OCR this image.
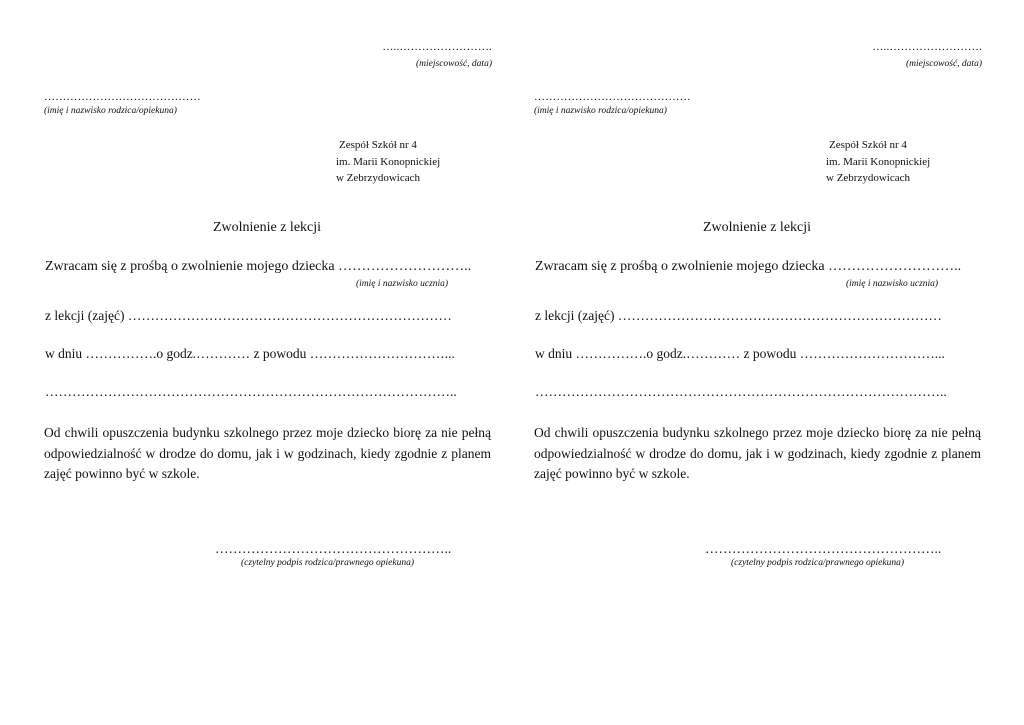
…..…………………….
(miejscowość, data)
……………………………………
(imię i nazwisko rodzica/opiekuna)
Zespół Szkół nr 4
im. Marii Konopnickiej
w Zebrzydowicach
Zwolnienie z lekcji
Zwracam się z prośbą o zwolnienie mojego dziecka ………………………..
(imię i nazwisko ucznia)
z lekcji (zajęć) ………………………………………………………………
w dniu …………….o godz.………… z powodu …………………………...
………………………………………………………………………………..
Od chwili opuszczenia budynku szkolnego przez moje dziecko biorę za nie pełną odpowiedzialność w drodze do domu, jak i w godzinach, kiedy zgodnie z planem zajęć powinno być w szkole.
……………………………………………..
(czytelny podpis rodzica/prawnego opiekuna)
…..…………………….
(miejscowość, data)
……………………………………
(imię i nazwisko rodzica/opiekuna)
Zespół Szkół nr 4
im. Marii Konopnickiej
w Zebrzydowicach
Zwolnienie z lekcji
Zwracam się z prośbą o zwolnienie mojego dziecka ………………………..
(imię i nazwisko ucznia)
z lekcji (zajęć) ………………………………………………………………
w dniu …………….o godz.………… z powodu …………………………...
………………………………………………………………………………..
Od chwili opuszczenia budynku szkolnego przez moje dziecko biorę za nie pełną odpowiedzialność w drodze do domu, jak i w godzinach, kiedy zgodnie z planem zajęć powinno być w szkole.
……………………………………………..
(czytelny podpis rodzica/prawnego opiekuna)
